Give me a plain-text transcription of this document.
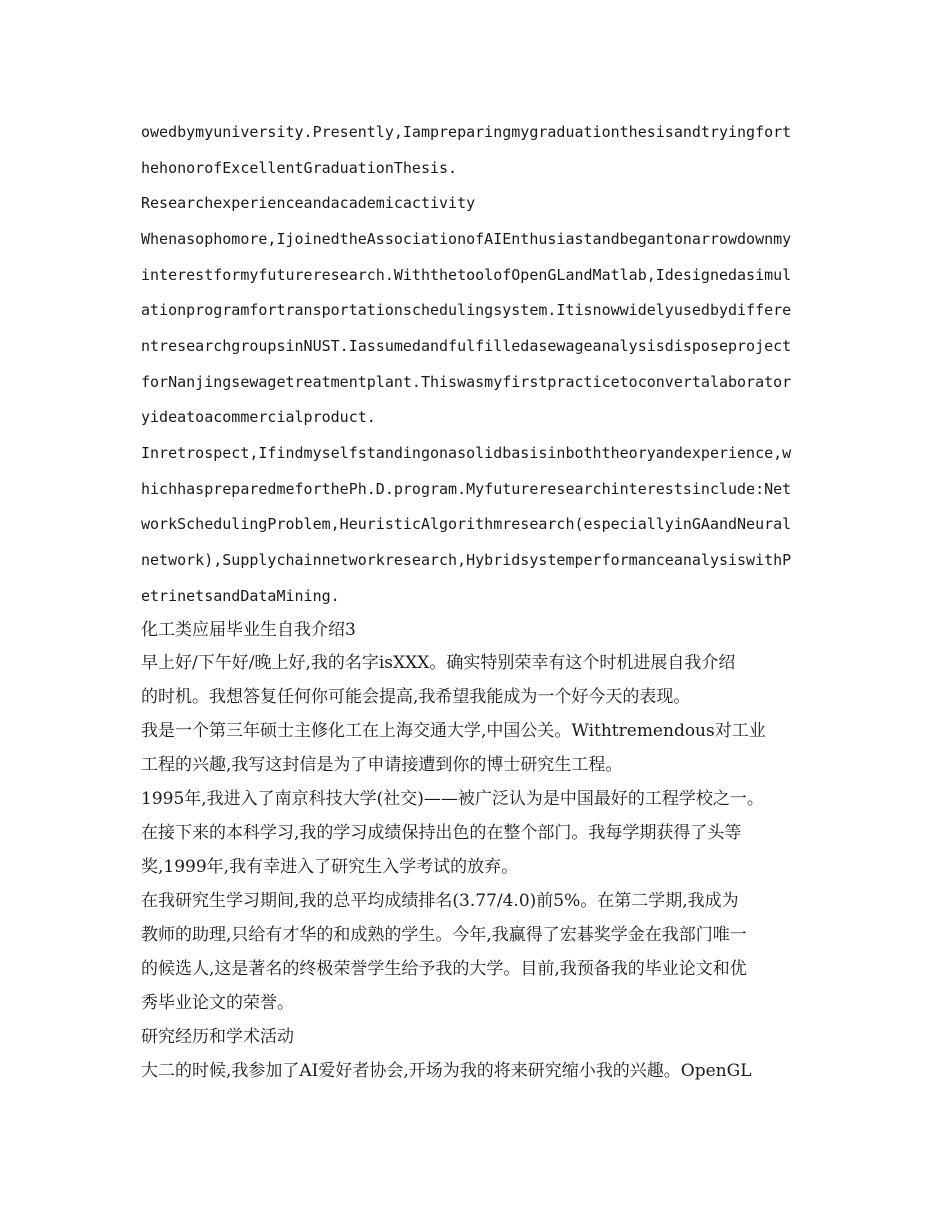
owedbymyuniversity.Presently,Iampreparingmygraduationthesisandtryingfort
hehonorofExcellentGraduationThesis.
Researchexperienceandacademicactivity
Whenasophomore,IjoinedtheAssociationofAIEnthusiastandbegantonarrowdownmy
interestformyfutureresearch.WiththetoolofOpenGLandMatlab,Idesignedasimul
ationprogramfortransportationschedulingsystem.Itisnowwidelyusedbydiffere
ntresearchgroupsinNUST.Iassumedandfulfilledasewageanalysisdisposeproject
forNanjingsewagetreatmentplant.Thiswasmyfirstpracticetoconvertalaborator
yideatoacommercialproduct.
Inretrospect,Ifindmyselfstandingonasolidbasisinboththeoryandexperience,w
hichhaspreparedmeforthePh.D.program.Myfutureresearchinterestsinclude:Net
workSchedulingProblem,HeuristicAlgorithmresearch(especiallyinGAandNeural
network),Supplychainnetworkresearch,HybridsystemperformanceanalysiswithP
etrinetsandDataMining.
化工类应届毕业生自我介绍3
早上好/下午好/晚上好,我的名字isXXX。确实特别荣幸有这个时机进展自我介绍
的时机。我想答复任何你可能会提高,我希望我能成为一个好今天的表现。
我是一个第三年硕士主修化工在上海交通大学,中国公关。Withtremendous对工业
工程的兴趣,我写这封信是为了申请接遭到你的博士研究生工程。
1995年,我进入了南京科技大学(社交)——被广泛认为是中国最好的工程学校之一。
在接下来的本科学习,我的学习成绩保持出色的在整个部门。我每学期获得了头等
奖,1999年,我有幸进入了研究生入学考试的放弃。
在我研究生学习期间,我的总平均成绩排名(3.77/4.0)前5%。在第二学期,我成为
教师的助理,只给有才华的和成熟的学生。今年,我赢得了宏碁奖学金在我部门唯一
的候选人,这是著名的终极荣誉学生给予我的大学。目前,我预备我的毕业论文和优
秀毕业论文的荣誉。
研究经历和学术活动
大二的时候,我参加了AI爱好者协会,开场为我的将来研究缩小我的兴趣。OpenGL
